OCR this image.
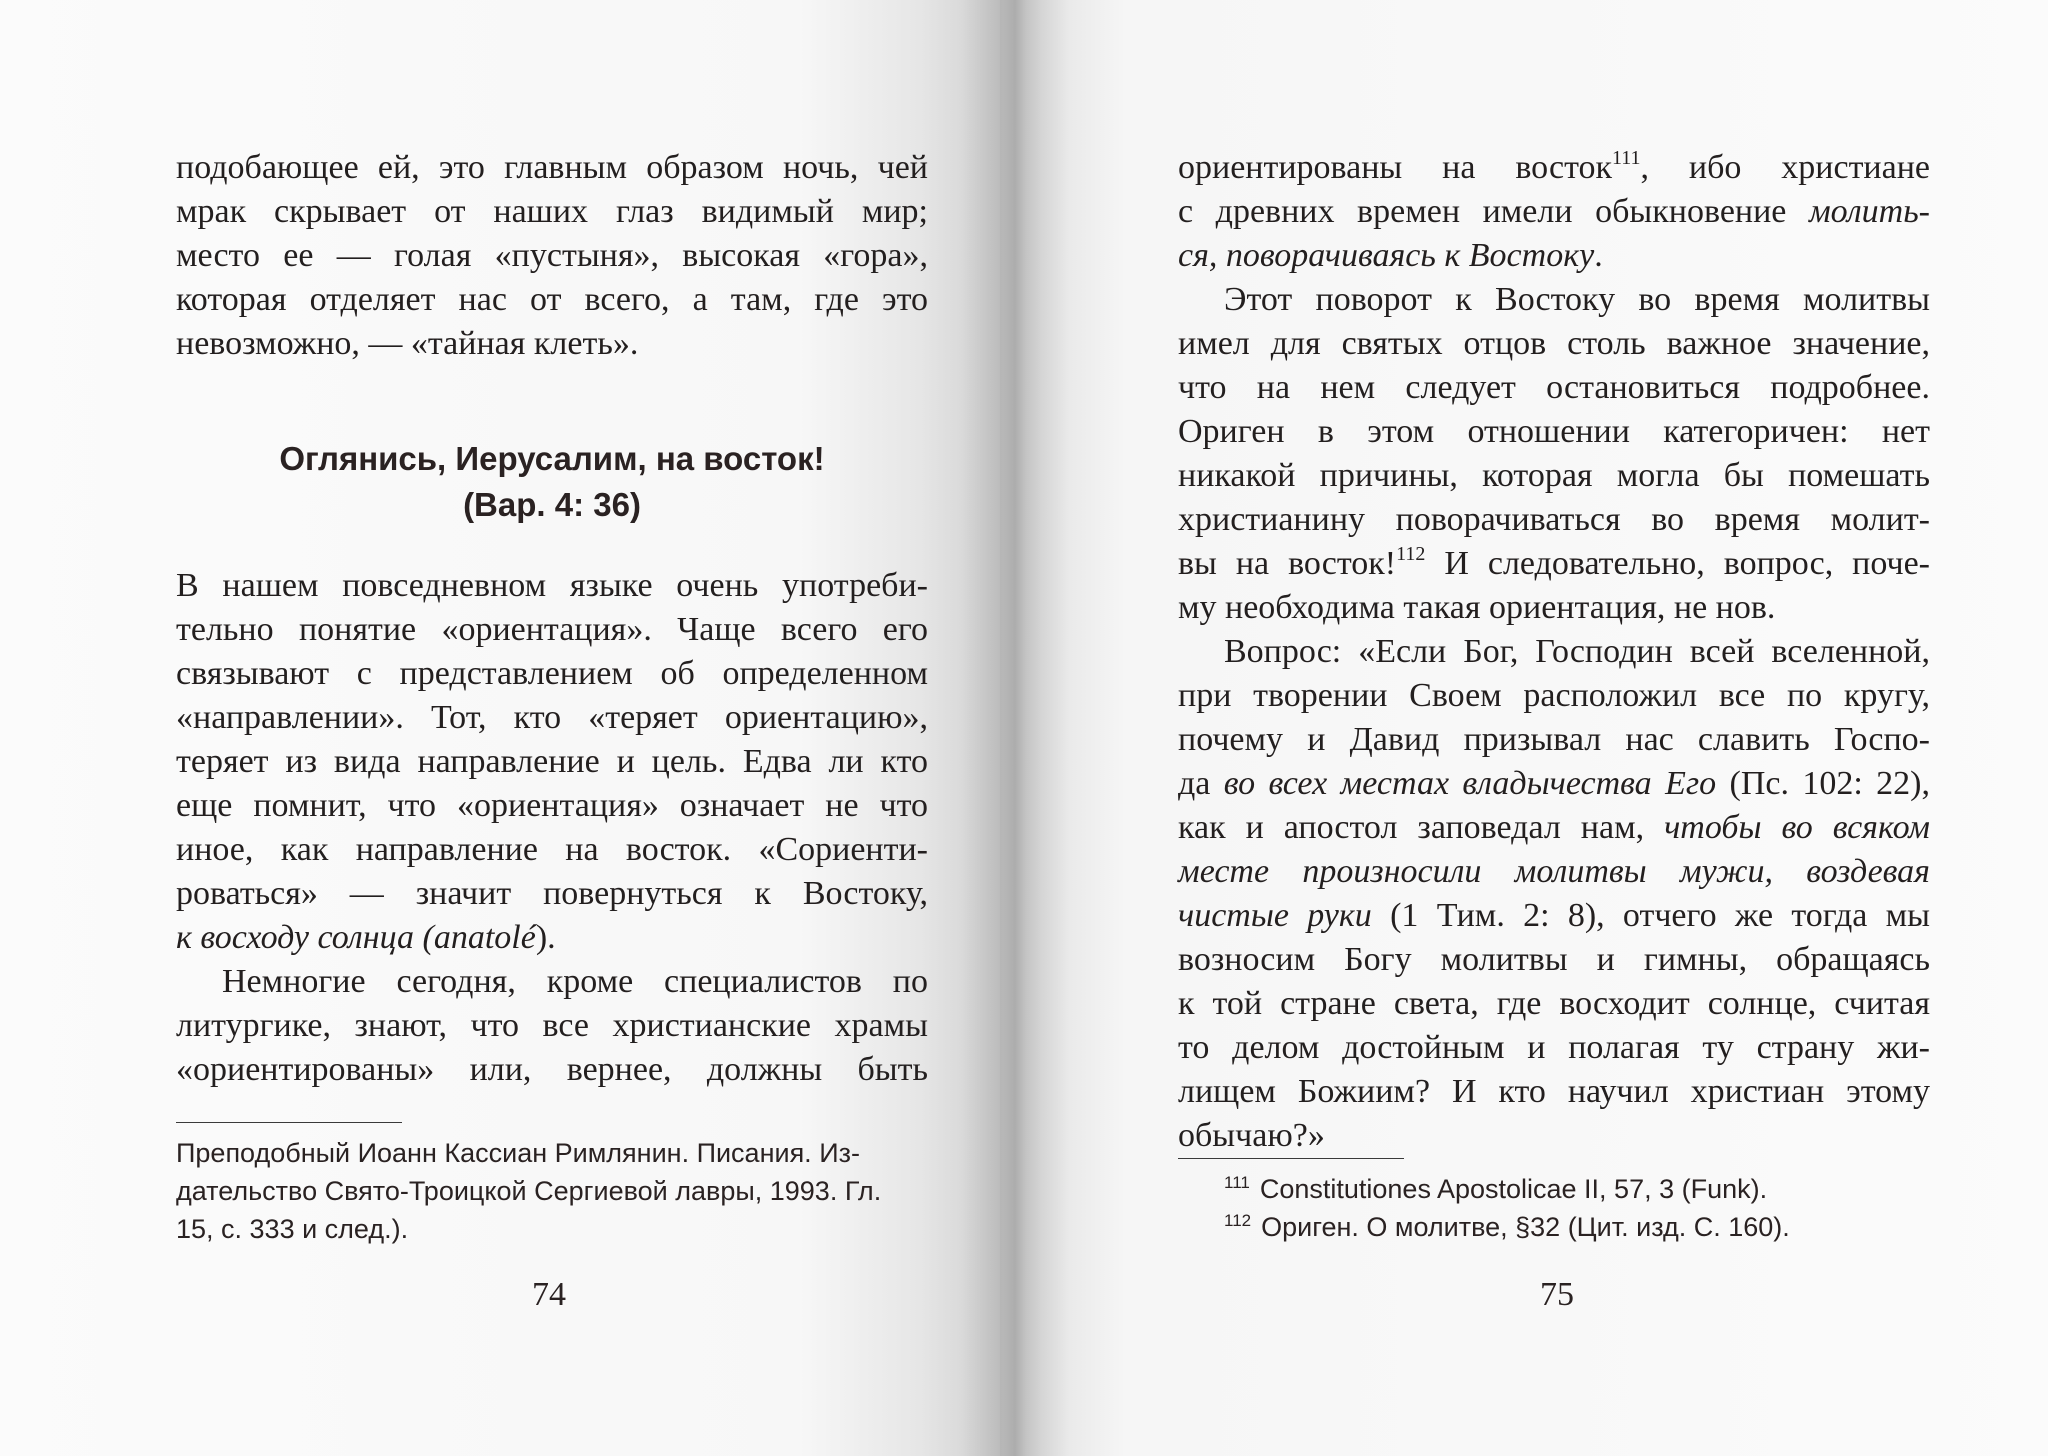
подобающее ей, это главным образом ночь, чей
мрак скрывает от наших глаз видимый мир;
место ее — голая «пустыня», высокая «гора»,
которая отделяет нас от всего, а там, где это
невозможно, — «тайная клеть».
Оглянись, Иерусалим, на восток!
(Вар. 4: 36)
В нашем повседневном языке очень употреби-
тельно понятие «ориентация». Чаще всего его
связывают с представлением об определенном
«направлении». Тот, кто «теряет ориентацию»,
теряет из вида направление и цель. Едва ли кто
еще помнит, что «ориентация» означает не что
иное, как направление на восток. «Сориенти-
роваться» — значит повернуться к Востоку,
к восходу солнца (anatolé).
Немногие сегодня, кроме специалистов по
литургике, знают, что все христианские храмы
«ориентированы» или, вернее, должны быть
Преподобный Иоанн Кассиан Римлянин. Писания. Из-
дательство Свято-Троицкой Сергиевой лавры, 1993. Гл.
15, с. 333 и след.).
74
ориентированы на восток$^{111}$, ибо христиане
с древних времен имели обыкновение молить-
ся, поворачиваясь к Востоку.
Этот поворот к Востоку во время молитвы
имел для святых отцов столь важное значение,
что на нем следует остановиться подробнее.
Ориген в этом отношении категоричен: нет
никакой причины, которая могла бы помешать
христианину поворачиваться во время молит-
вы на восток!$^{112}$ И следовательно, вопрос, поче-
му необходима такая ориентация, не нов.
Вопрос: «Если Бог, Господин всей вселенной,
при творении Своем расположил все по кругу,
почему и Давид призывал нас славить Госпо-
да во всех местах владычества Его (Пс. 102: 22),
как и апостол заповедал нам, чтобы во всяком
месте произносили молитвы мужи, воздевая
чистые руки (1 Тим. 2: 8), отчего же тогда мы
возносим Богу молитвы и гимны, обращаясь
к той стране света, где восходит солнце, считая
то делом достойным и полагая ту страну жи-
лищем Божиим? И кто научил христиан этому
обычаю?»
$^{111}$ Constitutiones Apostolicae II, 57, 3 (Funk).
$^{112}$ Ориген. О молитве, §32 (Цит. изд. С. 160).
75
